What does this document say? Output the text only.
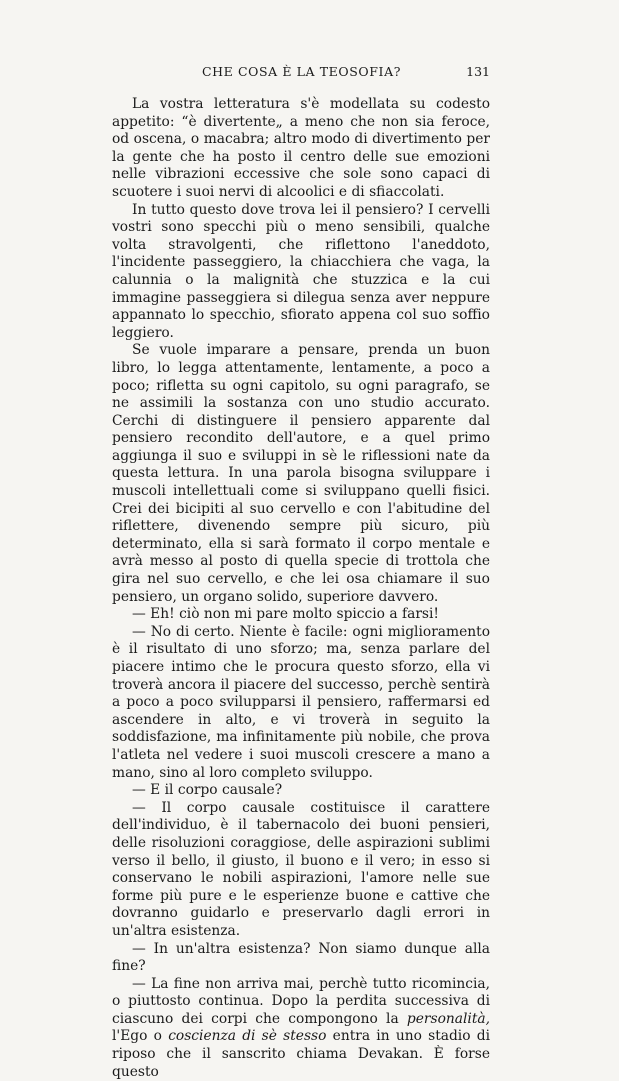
CHE COSA È LA TEOSOFIA?	131

La vostra letteratura s'è modellata su codesto appetito: “è divertente„ a meno che non sia feroce, od oscena, o macabra; altro modo di divertimento per la gente che ha posto il centro delle sue emozioni nelle vibrazioni eccessive che sole sono capaci di scuotere i suoi nervi di alcoolici e di sfiaccolati.

In tutto questo dove trova lei il pensiero? I cervelli vostri sono specchi più o meno sensibili, qualche volta stravolgenti, che riflettono l'aneddoto, l'incidente passeggiero, la chiacchiera che vaga, la calunnia o la malignità che stuzzica e la cui immagine passeggiera si dilegua senza aver neppure appannato lo specchio, sfiorato appena col suo soffio leggiero.

Se vuole imparare a pensare, prenda un buon libro, lo legga attentamente, lentamente, a poco a poco; rifletta su ogni capitolo, su ogni paragrafo, se ne assimili la sostanza con uno studio accurato. Cerchi di distinguere il pensiero apparente dal pensiero recondito dell'autore, e a quel primo aggiunga il suo e sviluppi in sè le riflessioni nate da questa lettura. In una parola bisogna sviluppare i muscoli intellettuali come si sviluppano quelli fisici. Crei dei bicipiti al suo cervello e con l'abitudine del riflettere, divenendo sempre più sicuro, più determinato, ella si sarà formato il corpo mentale e avrà messo al posto di quella specie di trottola che gira nel suo cervello, e che lei osa chiamare il suo pensiero, un organo solido, superiore davvero.

— Eh! ciò non mi pare molto spiccio a farsi!

— No di certo. Niente è facile: ogni miglioramento è il risultato di uno sforzo; ma, senza parlare del piacere intimo che le procura questo sforzo, ella vi troverà ancora il piacere del successo, perchè sentirà a poco a poco svilupparsi il pensiero, raffermarsi ed ascendere in alto, e vi troverà in seguito la soddisfazione, ma infinitamente più nobile, che prova l'atleta nel vedere i suoi muscoli crescere a mano a mano, sino al loro completo sviluppo.

— E il corpo causale?

— Il corpo causale costituisce il carattere dell'individuo, è il tabernacolo dei buoni pensieri, delle risoluzioni coraggiose, delle aspirazioni sublimi verso il bello, il giusto, il buono e il vero; in esso si conservano le nobili aspirazioni, l'amore nelle sue forme più pure e le esperienze buone e cattive che dovranno guidarlo e preservarlo dagli errori in un'altra esistenza.

— In un'altra esistenza? Non siamo dunque alla fine?

— La fine non arriva mai, perchè tutto ricomincia, o piuttosto continua. Dopo la perdita successiva di ciascuno dei corpi che compongono la personalità, l'Ego o coscienza di sè stesso entra in uno stadio di riposo che il sanscrito chiama Devakan. È forse questo
